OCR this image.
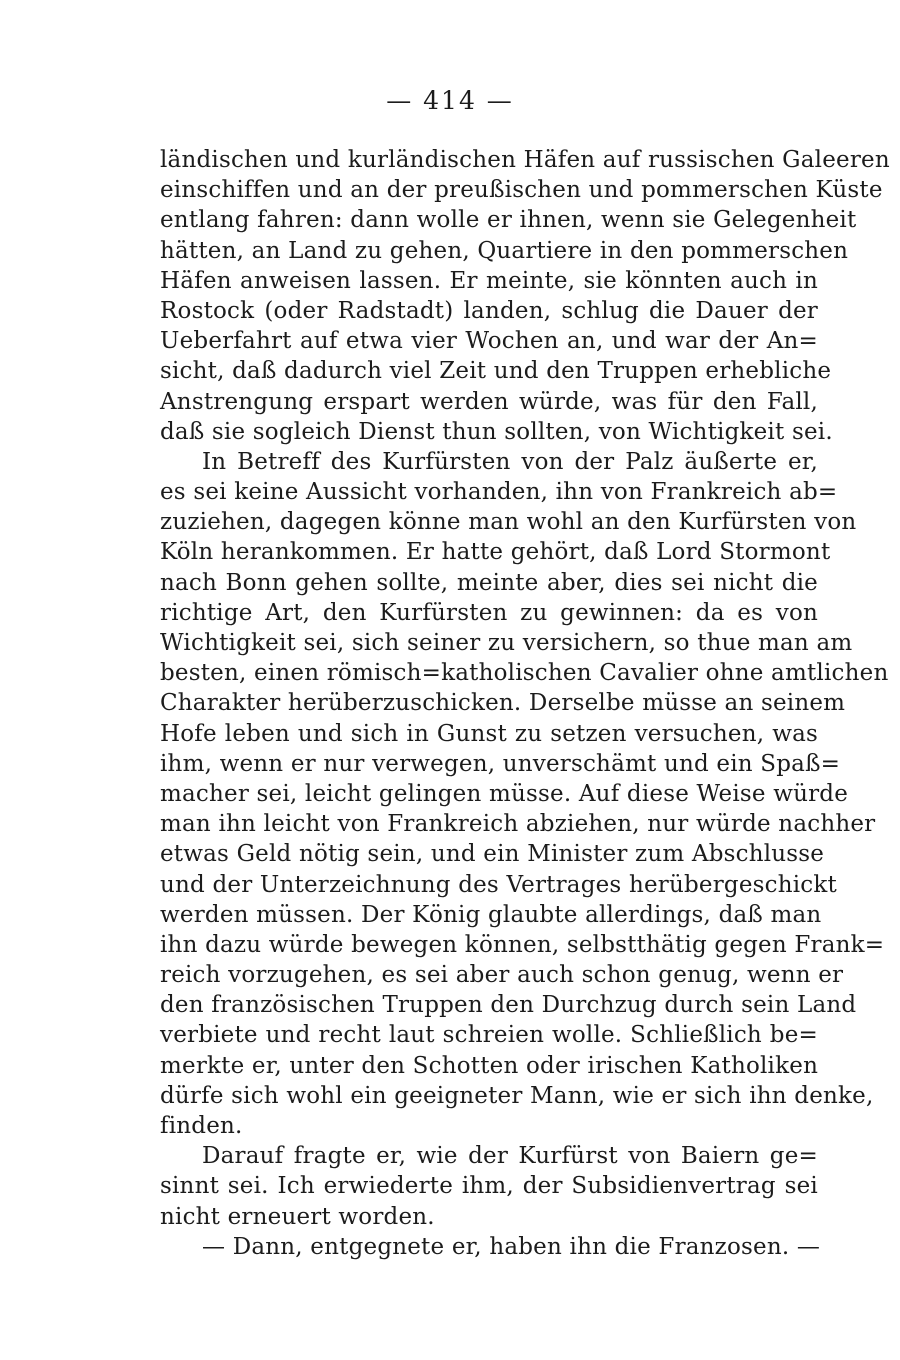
— 414 —
ländischen und kurländischen Häfen auf russischen Galeeren
einschiffen und an der preußischen und pommerschen Küste
entlang fahren: dann wolle er ihnen, wenn sie Gelegenheit
hätten, an Land zu gehen, Quartiere in den pommerschen
Häfen anweisen lassen. Er meinte, sie könnten auch in
Rostock (oder Radstadt) landen, schlug die Dauer der
Ueberfahrt auf etwa vier Wochen an, und war der An=
sicht, daß dadurch viel Zeit und den Truppen erhebliche
Anstrengung erspart werden würde, was für den Fall,
daß sie sogleich Dienst thun sollten, von Wichtigkeit sei.
In Betreff des Kurfürsten von der Palz äußerte er,
es sei keine Aussicht vorhanden, ihn von Frankreich ab=
zuziehen, dagegen könne man wohl an den Kurfürsten von
Köln herankommen. Er hatte gehört, daß Lord Stormont
nach Bonn gehen sollte, meinte aber, dies sei nicht die
richtige Art, den Kurfürsten zu gewinnen: da es von
Wichtigkeit sei, sich seiner zu versichern, so thue man am
besten, einen römisch=katholischen Cavalier ohne amtlichen
Charakter herüberzuschicken. Derselbe müsse an seinem
Hofe leben und sich in Gunst zu setzen versuchen, was
ihm, wenn er nur verwegen, unverschämt und ein Spaß=
macher sei, leicht gelingen müsse. Auf diese Weise würde
man ihn leicht von Frankreich abziehen, nur würde nachher
etwas Geld nötig sein, und ein Minister zum Abschlusse
und der Unterzeichnung des Vertrages herübergeschickt
werden müssen. Der König glaubte allerdings, daß man
ihn dazu würde bewegen können, selbstthätig gegen Frank=
reich vorzugehen, es sei aber auch schon genug, wenn er
den französischen Truppen den Durchzug durch sein Land
verbiete und recht laut schreien wolle. Schließlich be=
merkte er, unter den Schotten oder irischen Katholiken
dürfe sich wohl ein geeigneter Mann, wie er sich ihn denke,
finden.
Darauf fragte er, wie der Kurfürst von Baiern ge=
sinnt sei. Ich erwiederte ihm, der Subsidienvertrag sei
nicht erneuert worden.
— Dann, entgegnete er, haben ihn die Franzosen. —
